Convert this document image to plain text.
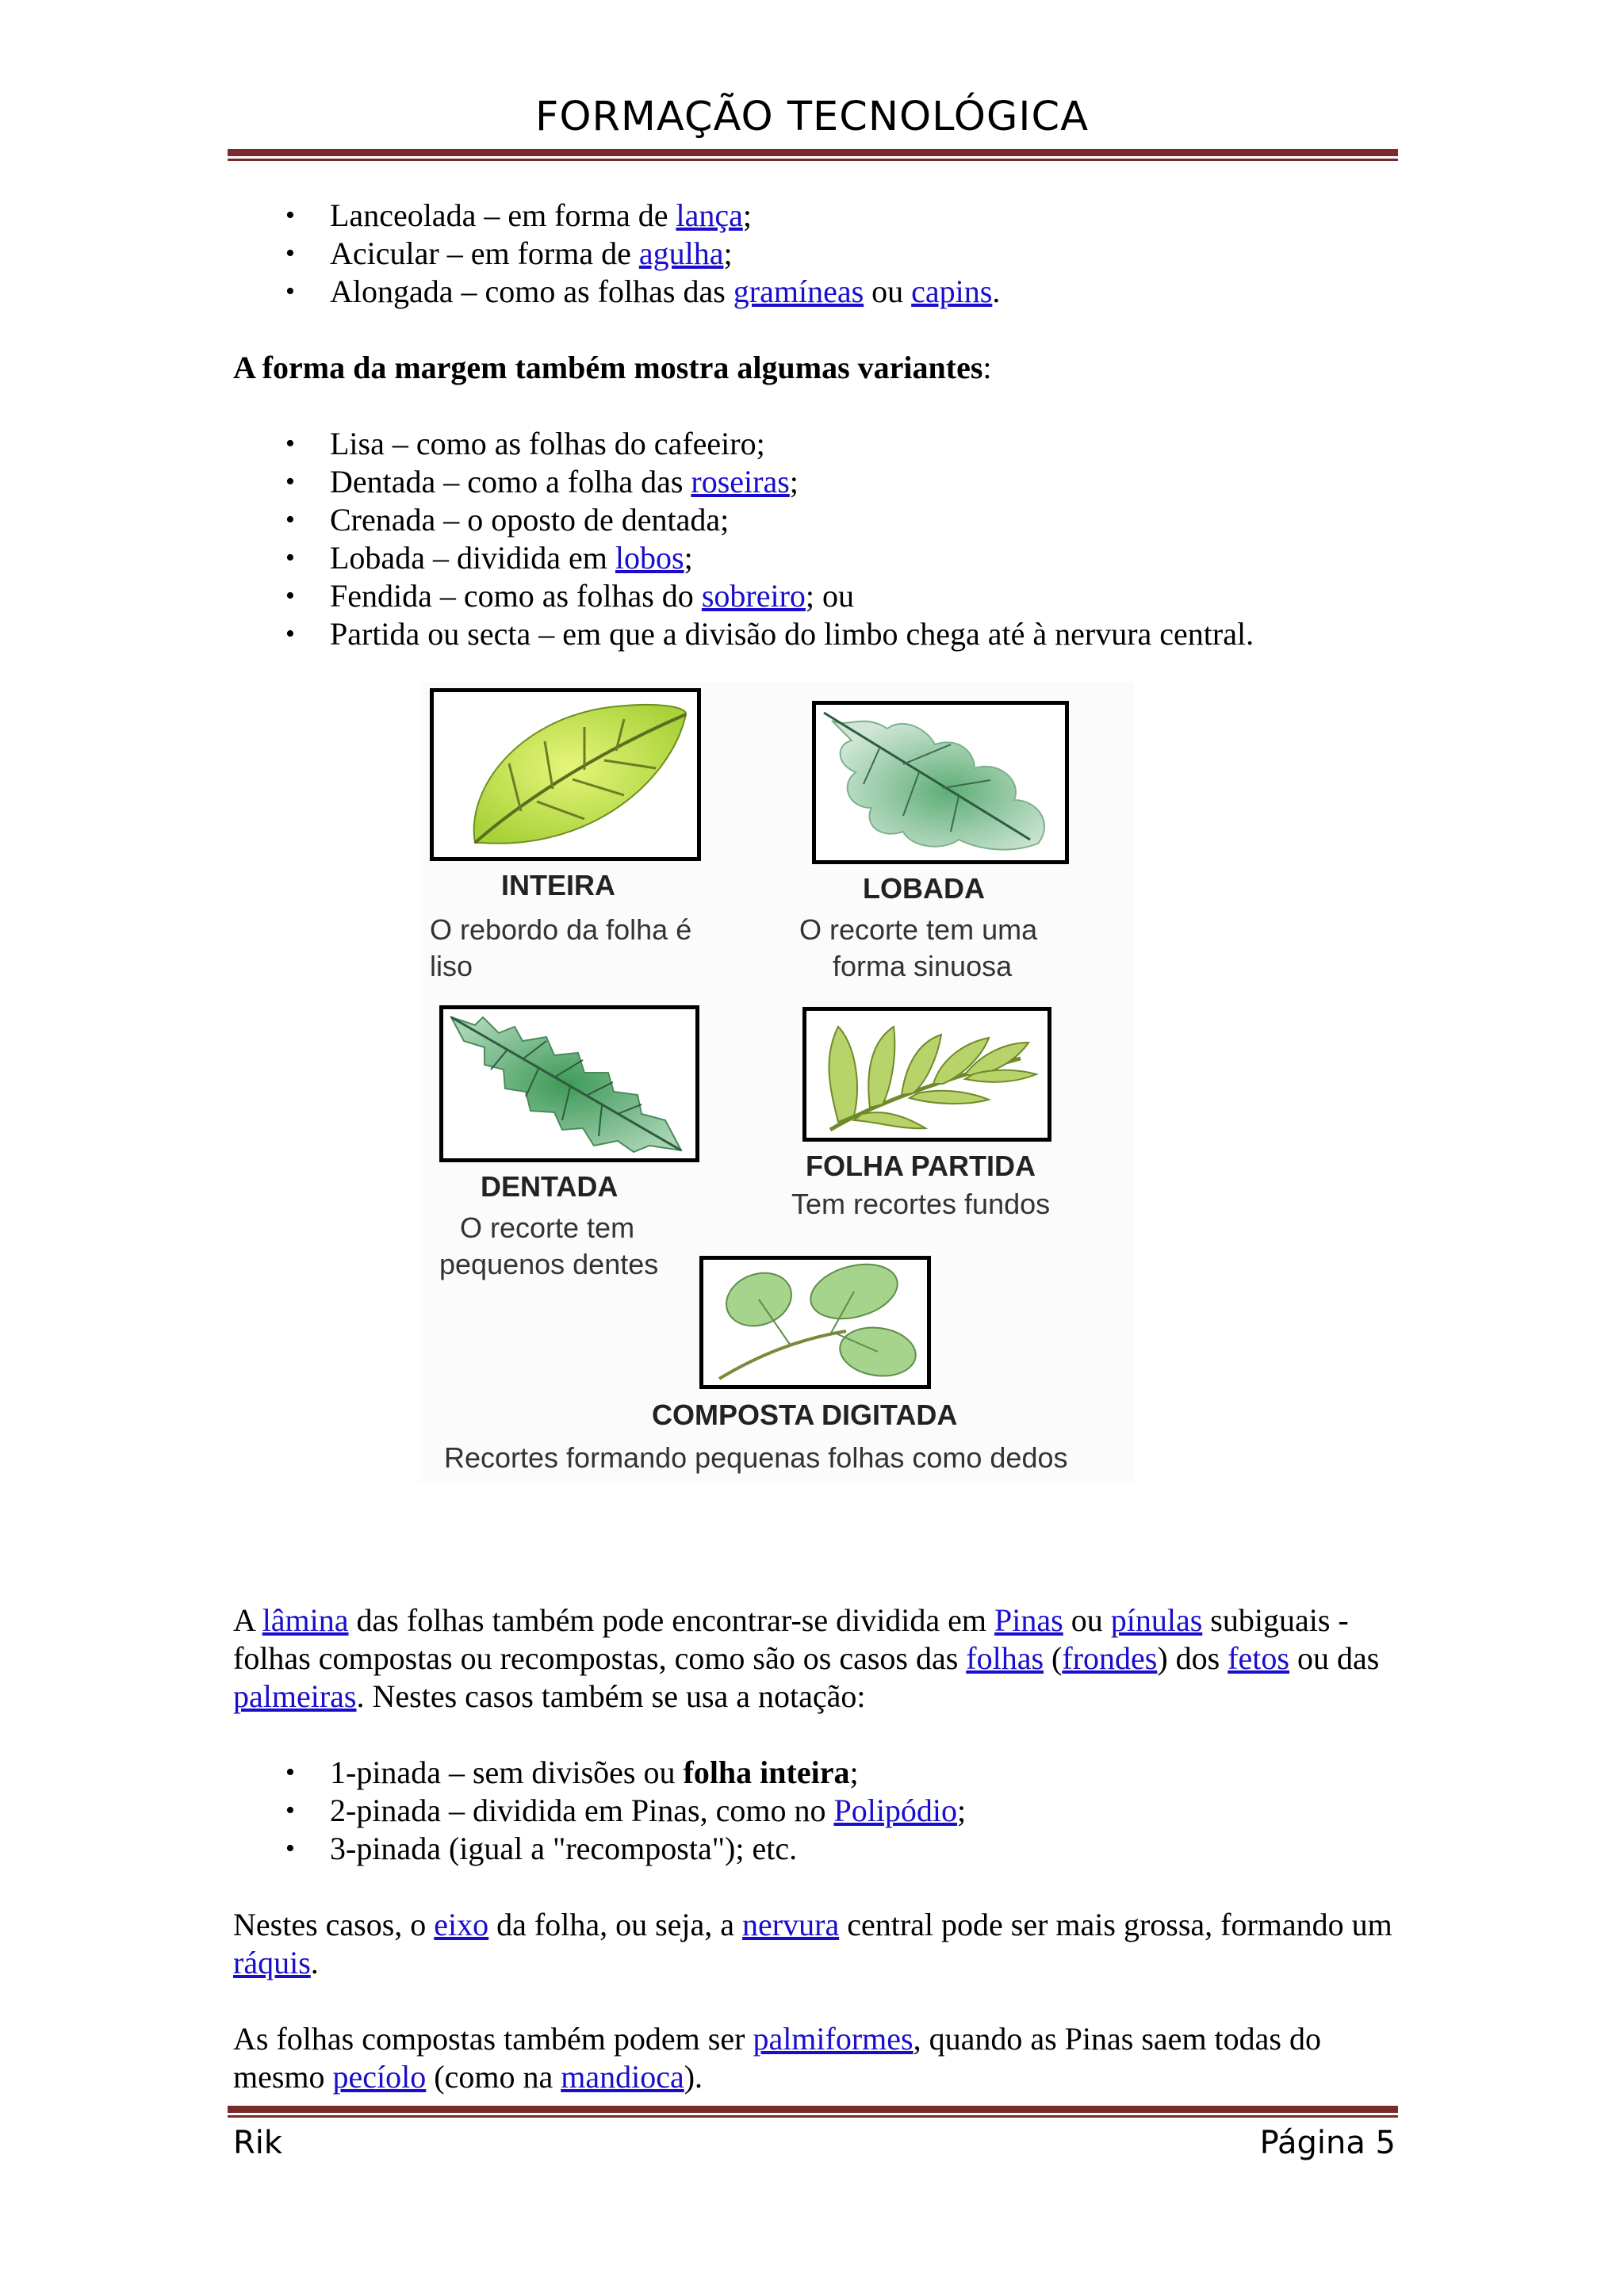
FORMAÇÃO TECNOLÓGICA
• Lanceolada – em forma de lança;
• Acicular – em forma de agulha;
• Alongada – como as folhas das gramíneas ou capins.

A forma da margem também mostra algumas variantes:

• Lisa – como as folhas do cafeeiro;
• Dentada – como a folha das roseiras;
• Crenada – o oposto de dentada;
• Lobada – dividida em lobos;
• Fendida – como as folhas do sobreiro; ou
• Partida ou secta – em que a divisão do limbo chega até à nervura central.
INTEIRA
O rebordo da folha é
liso
LOBADA
O recorte tem uma
forma sinuosa
DENTADA
O recorte tem
pequenos dentes
FOLHA PARTIDA
Tem recortes fundos
COMPOSTA DIGITADA
Recortes formando pequenas folhas como dedos

A lâmina das folhas também pode encontrar-se dividida em Pinas ou pínulas subiguais - folhas compostas ou recompostas, como são os casos das folhas (frondes) dos fetos ou das palmeiras. Nestes casos também se usa a notação:

• 1-pinada – sem divisões ou folha inteira;
• 2-pinada – dividida em Pinas, como no Polipódio;
• 3-pinada (igual a "recomposta"); etc.

Nestes casos, o eixo da folha, ou seja, a nervura central pode ser mais grossa, formando um ráquis.

As folhas compostas também podem ser palmiformes, quando as Pinas saem todas do mesmo pecíolo (como na mandioca).

Rik	Página 5
